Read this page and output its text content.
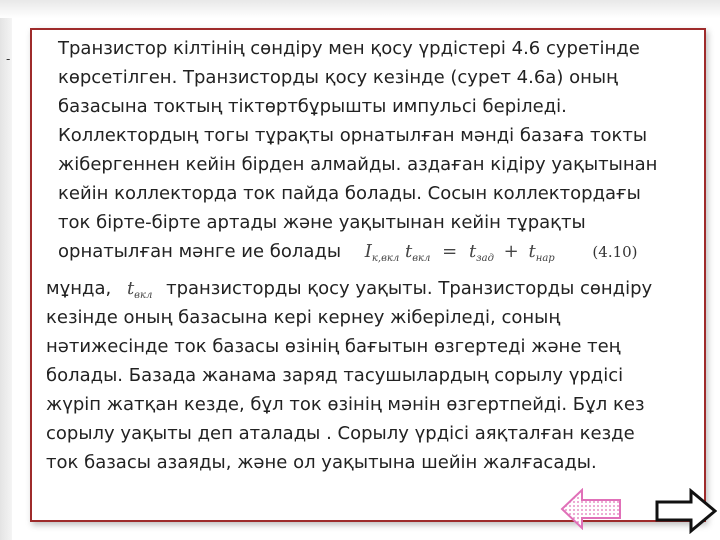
-	Транзистор кілтінің сөндіру мен қосу үрдістері 4.6 суретінде
көрсетілген. Транзисторды қосу кезінде (сурет 4.6а) оның
базасына токтың тіктөртбұрышты импульсі беріледі.
Коллектордың тогы тұрақты орнатылған мәнді базаға токты
жібергеннен кейін бірден алмайды. аздаған кідіру уақытынан
кейін коллекторда ток пайда болады. Сосын коллектордағы
ток бірте-бірте артады және уақытынан кейін тұрақты
орнатылған мәнге ие болады $I_{к,вкл}$ $t_{вкл} = t_{зад} + t_{нар}$	(4.10)
мұнда, $t_{вкл}$ транзисторды қосу уақыты. Транзисторды сөндіру
кезінде оның базасына кері кернеу жіберіледі, соның
нәтижесінде ток базасы өзінің бағытын өзгертеді және тең
болады. Базада жанама заряд тасушылардың сорылу үрдісі
жүріп жатқан кезде, бұл ток өзінің мәнін өзгертпейді. Бұл кез
сорылу уақыты деп аталады . Сорылу үрдісі аяқталған кезде
ток базасы азаяды, және ол уақытына шейін жалғасады.
